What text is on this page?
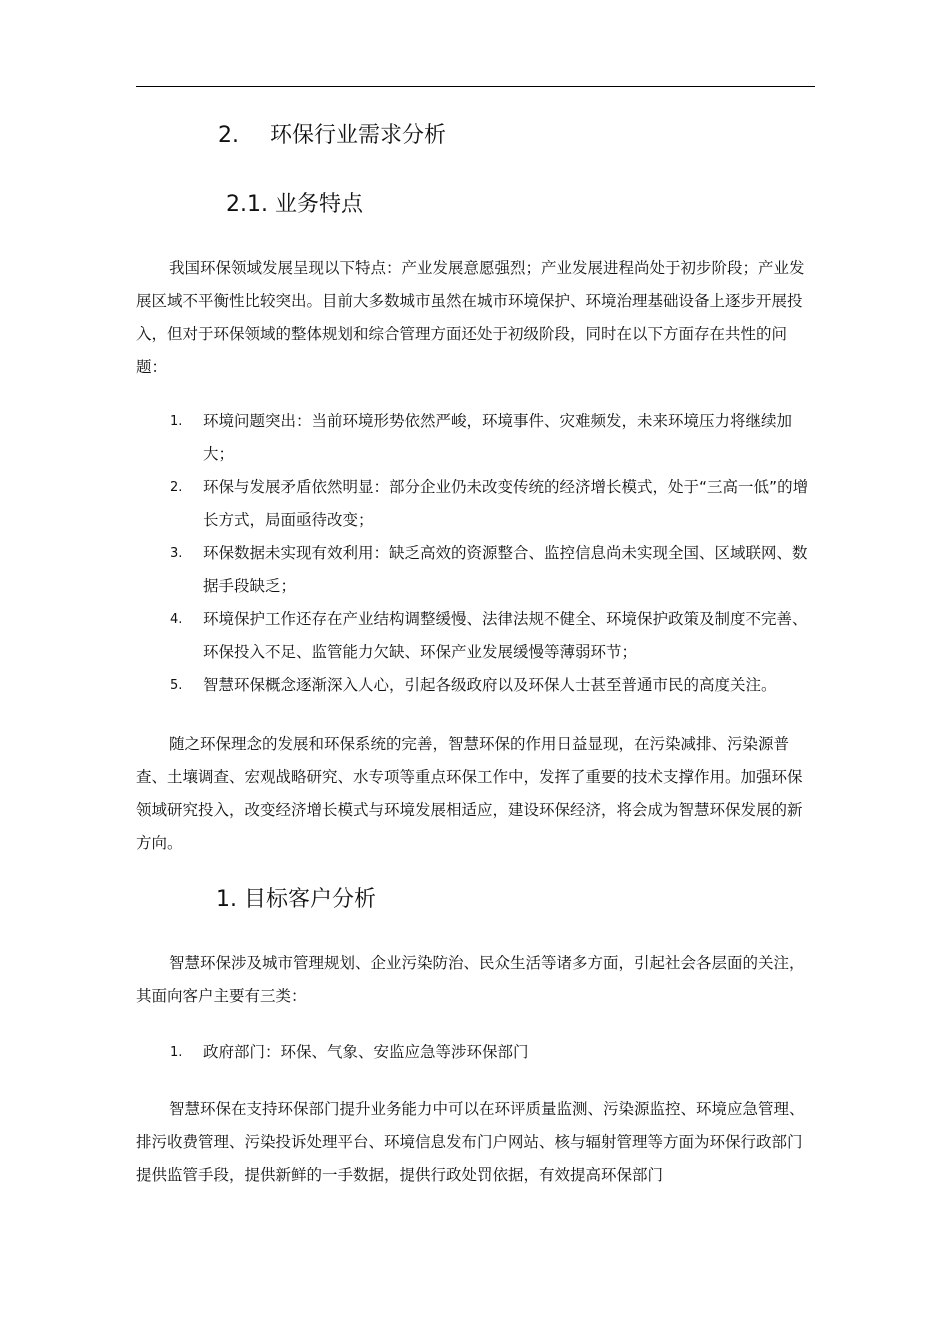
2. 环保行业需求分析
2.1. 业务特点

我国环保领域发展呈现以下特点：产业发展意愿强烈；产业发展进程尚处于初步阶段；产业发展区域不平衡性比较突出。目前大多数城市虽然在城市环境保护、环境治理基础设备上逐步开展投入，但对于环保领域的整体规划和综合管理方面还处于初级阶段，同时在以下方面存在共性的问题：

1. 环境问题突出：当前环境形势依然严峻，环境事件、灾难频发，未来环境压力将继续加大；
2. 环保与发展矛盾依然明显：部分企业仍未改变传统的经济增长模式，处于“三高一低”的增长方式，局面亟待改变；
3. 环保数据未实现有效利用：缺乏高效的资源整合、监控信息尚未实现全国、区域联网、数据手段缺乏；
4. 环境保护工作还存在产业结构调整缓慢、法律法规不健全、环境保护政策及制度不完善、环保投入不足、监管能力欠缺、环保产业发展缓慢等薄弱环节；
5. 智慧环保概念逐渐深入人心，引起各级政府以及环保人士甚至普通市民的高度关注。

随之环保理念的发展和环保系统的完善，智慧环保的作用日益显现，在污染减排、污染源普查、土壤调查、宏观战略研究、水专项等重点环保工作中，发挥了重要的技术支撑作用。加强环保领域研究投入，改变经济增长模式与环境发展相适应，建设环保经济，将会成为智慧环保发展的新方向。

1. 目标客户分析

智慧环保涉及城市管理规划、企业污染防治、民众生活等诸多方面，引起社会各层面的关注，其面向客户主要有三类：

1. 政府部门：环保、气象、安监应急等涉环保部门

智慧环保在支持环保部门提升业务能力中可以在环评质量监测、污染源监控、环境应急管理、排污收费管理、污染投诉处理平台、环境信息发布门户网站、核与辐射管理等方面为环保行政部门提供监管手段，提供新鲜的一手数据，提供行政处罚依据，有效提高环保部门
